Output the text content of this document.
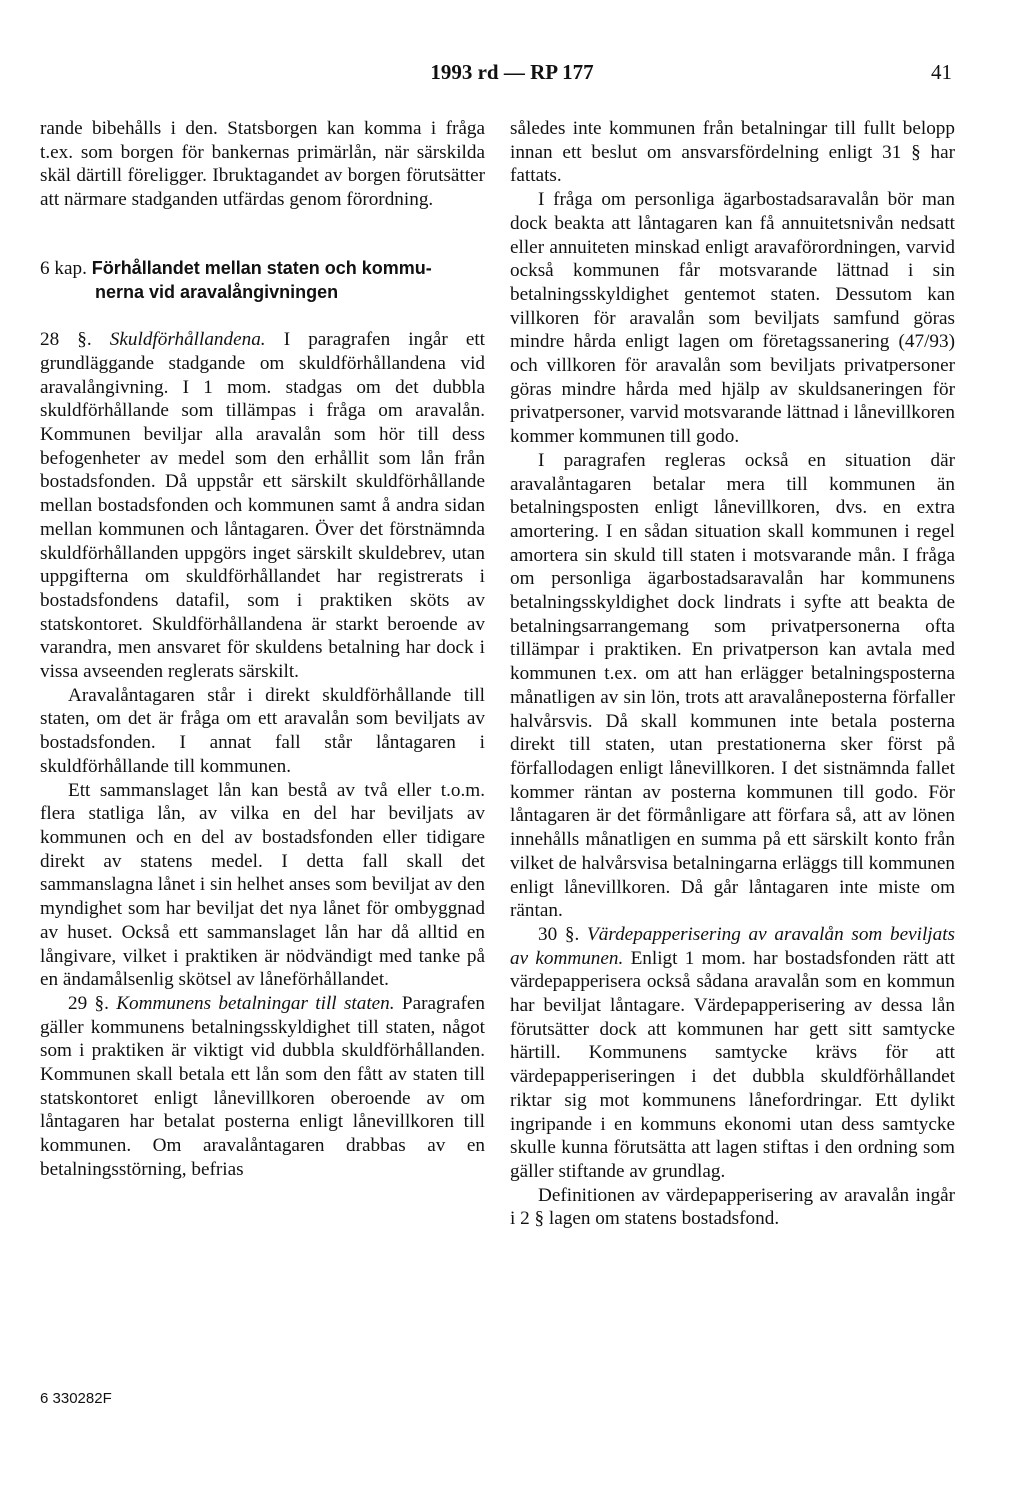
1993 rd — RP 177	41

rande bibehålls i den. Statsborgen kan komma i fråga t.ex. som borgen för bankernas primärlån, när särskilda skäl därtill föreligger. Ibruktagandet av borgen förutsätter att närmare stadganden utfärdas genom förordning.

6 kap. Förhållandet mellan staten och kommu-
nerna vid aravalångivningen

28 §. Skuldförhållandena. I paragrafen ingår ett grundläggande stadgande om skuldförhållandena vid aravalångivning. I 1 mom. stadgas om det dubbla skuldförhållande som tillämpas i fråga om aravalån. Kommunen beviljar alla aravalån som hör till dess befogenheter av medel som den erhållit som lån från bostadsfonden. Då uppstår ett särskilt skuldförhållande mellan bostadsfonden och kommunen samt å andra sidan mellan kommunen och låntagaren. Över det förstnämnda skuldförhållanden uppgörs inget särskilt skuldebrev, utan uppgifterna om skuldförhållandet har registrerats i bostadsfondens datafil, som i praktiken sköts av statskontoret. Skuldförhållandena är starkt beroende av varandra, men ansvaret för skuldens betalning har dock i vissa avseenden reglerats särskilt.

Aravalåntagaren står i direkt skuldförhållande till staten, om det är fråga om ett aravalån som beviljats av bostadsfonden. I annat fall står låntagaren i skuldförhållande till kommunen.

Ett sammanslaget lån kan bestå av två eller t.o.m. flera statliga lån, av vilka en del har beviljats av kommunen och en del av bostadsfonden eller tidigare direkt av statens medel. I detta fall skall det sammanslagna lånet i sin helhet anses som beviljat av den myndighet som har beviljat det nya lånet för ombyggnad av huset. Också ett sammanslaget lån har då alltid en långivare, vilket i praktiken är nödvändigt med tanke på en ändamålsenlig skötsel av låneförhållandet.

29 §. Kommunens betalningar till staten. Paragrafen gäller kommunens betalningsskyldighet till staten, något som i praktiken är viktigt vid dubbla skuldförhållanden. Kommunen skall betala ett lån som den fått av staten till statskontoret enligt lånevillkoren oberoende av om låntagaren har betalat posterna enligt lånevillkoren till kommunen. Om aravalåntagaren drabbas av en betalningsstörning, befrias

således inte kommunen från betalningar till fullt belopp innan ett beslut om ansvarsfördelning enligt 31 § har fattats.

I fråga om personliga ägarbostadsaravalån bör man dock beakta att låntagaren kan få annuitetsnivån nedsatt eller annuiteten minskad enligt aravaförordningen, varvid också kommunen får motsvarande lättnad i sin betalningsskyldighet gentemot staten. Dessutom kan villkoren för aravalån som beviljats samfund göras mindre hårda enligt lagen om företagssanering (47/93) och villkoren för aravalån som beviljats privatpersoner göras mindre hårda med hjälp av skuldsaneringen för privatpersoner, varvid motsvarande lättnad i lånevillkoren kommer kommunen till godo.

I paragrafen regleras också en situation där aravalåntagaren betalar mera till kommunen än betalningsposten enligt lånevillkoren, dvs. en extra amortering. I en sådan situation skall kommunen i regel amortera sin skuld till staten i motsvarande mån. I fråga om personliga ägarbostadsaravalån har kommunens betalningsskyldighet dock lindrats i syfte att beakta de betalningsarrangemang som privatpersonerna ofta tillämpar i praktiken. En privatperson kan avtala med kommunen t.ex. om att han erlägger betalningsposterna månatligen av sin lön, trots att aravalåneposterna förfaller halvårsvis. Då skall kommunen inte betala posterna direkt till staten, utan prestationerna sker först på förfallodagen enligt lånevillkoren. I det sistnämnda fallet kommer räntan av posterna kommunen till godo. För låntagaren är det förmånligare att förfara så, att av lönen innehålls månatligen en summa på ett särskilt konto från vilket de halvårsvisa betalningarna erläggs till kommunen enligt lånevillkoren. Då går låntagaren inte miste om räntan.

30 §. Värdepapperisering av aravalån som beviljats av kommunen. Enligt 1 mom. har bostadsfonden rätt att värdepapperisera också sådana aravalån som en kommun har beviljat låntagare. Värdepapperisering av dessa lån förutsätter dock att kommunen har gett sitt samtycke härtill. Kommunens samtycke krävs för att värdepapperiseringen i det dubbla skuldförhållandet riktar sig mot kommunens lånefordringar. Ett dylikt ingripande i en kommuns ekonomi utan dess samtycke skulle kunna förutsätta att lagen stiftas i den ordning som gäller stiftande av grundlag.

Definitionen av värdepapperisering av aravalån ingår i 2 § lagen om statens bostadsfond.

6 330282F
